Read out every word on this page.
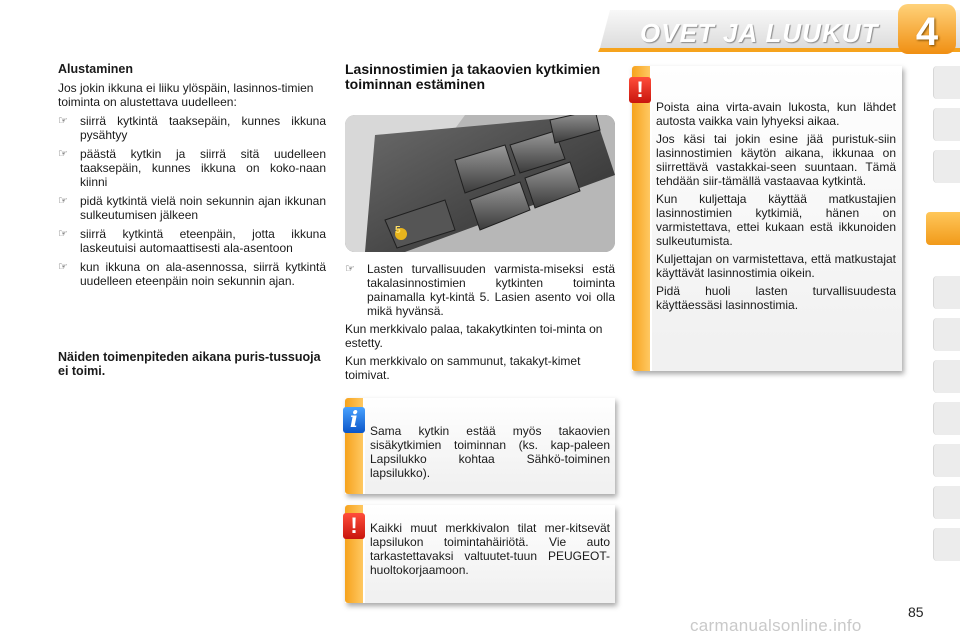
OVET JA LUUKUT 4
Alustaminen

Jos jokin ikkuna ei liiku ylöspäin, lasinnos-timien toiminta on alustettava uudelleen:

☞ siirrä kytkintä taaksepäin, kunnes ikkuna pysähtyy
☞ päästä kytkin ja siirrä sitä uudelleen taaksepäin, kunnes ikkuna on koko-naan kiinni
☞ pidä kytkintä vielä noin sekunnin ajan ikkunan sulkeutumisen jälkeen
☞ siirrä kytkintä eteenpäin, jotta ikkuna laskeutuisi automaattisesti ala-asentoon
☞ kun ikkuna on ala-asennossa, siirrä kytkintä uudelleen eteenpäin noin sekunnin ajan.
Näiden toimenpiteden aikana puris-tussuoja ei toimi.
Lasinnostimien ja takaovien kytkimien toiminnan estäminen
5
☞ Lasten turvallisuuden varmista-miseksi estä takalasinnostimien kytkinten toiminta painamalla kyt-kintä 5. Lasien asento voi olla mikä hyvänsä.

Kun merkkivalo palaa, takakytkinten toi-minta on estetty.

Kun merkkivalo on sammunut, takakyt-kimet toimivat.

Sama kytkin estää myös takaovien sisäkytkimien toiminnan (ks. kap-paleen Lapsilukko kohtaa Sähkö-toiminen lapsilukko).
i
Kaikki muut merkkivalon tilat mer-kitsevät lapsilukon toimintahäiriötä. Vie auto tarkastettavaksi valtuutet-tuun PEUGEOT-huoltokorjaamoon.
!

Poista aina virta-avain lukosta, kun lähdet autosta vaikka vain lyhyeksi aikaa.

Jos käsi tai jokin esine jää puristuk-siin lasinnostimien käytön aikana, ikkunaa on siirrettävä vastakkai-seen suuntaan. Tämä tehdään siir-tämällä vastaavaa kytkintä.

Kun kuljettaja käyttää matkustajien lasinnostimien kytkimiä, hänen on varmistettava, ettei kukaan estä ikkunoiden sulkeutumista.

Kuljettajan on varmistettava, että matkustajat käyttävät lasinnostimia oikein.

Pidä huoli lasten turvallisuudesta käyttäessäsi lasinnostimia.

!
85
carmanualsonline.info
